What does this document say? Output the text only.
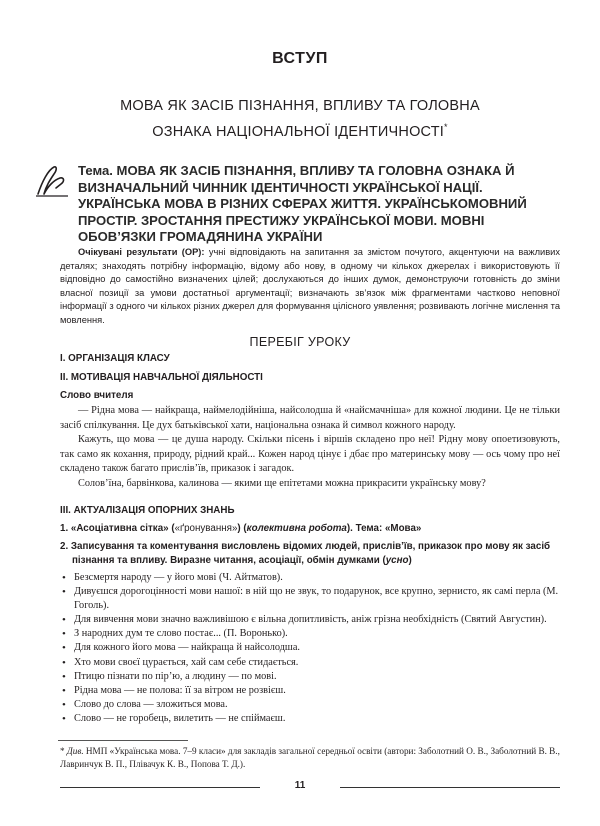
ВСТУП
МОВА ЯК ЗАСІБ ПІЗНАННЯ, ВПЛИВУ ТА ГОЛОВНА
ОЗНАКА НАЦІОНАЛЬНОЇ ІДЕНТИЧНОСТІ*
Тема. МОВА ЯК ЗАСІБ ПІЗНАННЯ, ВПЛИВУ ТА ГОЛОВНА ОЗНАКА Й ВИЗНАЧАЛЬНИЙ ЧИННИК ІДЕНТИЧНОСТІ УКРАЇНСЬКОЇ НАЦІЇ. УКРАЇНСЬКА МОВА В РІЗНИХ СФЕРАХ ЖИТТЯ. УКРАЇНСЬКОМОВНИЙ ПРОСТІР. ЗРОСТАННЯ ПРЕСТИЖУ УКРАЇНСЬКОЇ МОВИ. МОВНІ ОБОВ’ЯЗКИ ГРОМАДЯНИНА УКРАЇНИ
Очікувані результати (ОР): учні відповідають на запитання за змістом почутого, акцентуючи на важливих деталях; знаходять потрібну інформацію, відому або нову, в одному чи кількох джерелах і використовують її відповідно до самостійно визначених цілей; дослухаються до інших думок, демонструючи готовність до зміни власної позиції за умови достатньої аргументації; визначають зв’язок між фрагментами частково неповної інформації з одного чи кількох різних джерел для формування цілісного уявлення; розвивають логічне мислення та мовлення.
ПЕРЕБІГ УРОКУ
І. ОРГАНІЗАЦІЯ КЛАСУ
ІІ. МОТИВАЦІЯ НАВЧАЛЬНОЇ ДІЯЛЬНОСТІ
Слово вчителя

— Рідна мова — найкраща, наймелодійніша, найсолодша й «найсмачніша» для кожної людини. Це не тільки засіб спілкування. Це дух батьківської хати, національна ознака й символ кожного народу.

Кажуть, що мова — це душа народу. Скільки пісень і віршів складено про неї! Рідну мову опоетизовують, так само як кохання, природу, рідний край... Кожен народ цінує і дбає про материнську мову — ось чому про неї складено також багато прислів’їв, приказок і загадок.

Солов’їна, барвінкова, калинова — якими ще епітетами можна прикрасити українську мову?

ІІІ. АКТУАЛІЗАЦІЯ ОПОРНИХ ЗНАНЬ
1. «Асоціативна сітка» («ґронування») (колективна робота). Тема: «Мова»
2. Записування та коментування висловлень відомих людей, прислів’їв, приказок про мову як засіб пізнання та впливу. Виразне читання, асоціації, обмін думками (усно)
• Безсмертя народу — у його мові (Ч. Айтматов).
• Дивуєшся дорогоцінності мови нашої: в ній що не звук, то подарунок, все крупно, зернисто, як самі перла (М. Гоголь).
• Для вивчення мови значно важливішою є вільна допитливість, аніж грізна необхідність (Святий Августин).
• З народних дум те слово постає... (П. Воронько).
• Для кожного його мова — найкраща й найсолодша.
• Хто мови своєї цурається, хай сам себе стидається.
• Птицю пізнати по пір’ю, а людину — по мові.
• Рідна мова — не полова: її за вітром не розвієш.
• Слово до слова — зложиться мова.
• Слово — не горобець, вилетить — не спіймаєш.
* Див. НМП «Українська мова. 7–9 класи» для закладів загальної середньої освіти (автори: Заболотний О. В., Заболотний В. В., Лавринчук В. П., Плівачук К. В., Попова Т. Д.).
11
